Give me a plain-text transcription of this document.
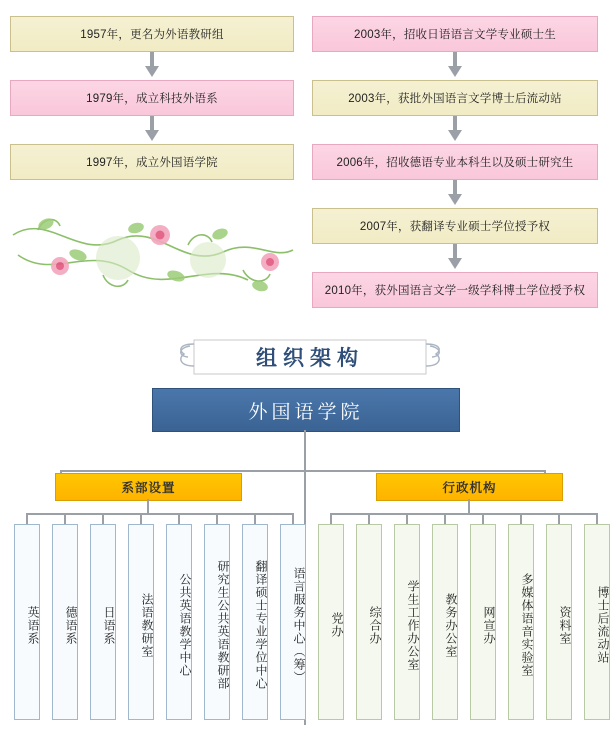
1957年，更名为外语教研组
1979年，成立科技外语系
1997年，成立外国语学院
2003年，招收日语语言文学专业硕士生
2003年，获批外国语言文学博士后流动站
2006年，招收德语专业本科生以及硕士研究生
2007年，获翻译专业硕士学位授予权
2010年，获外国语言文学一级学科博士学位授予权
组织架构
外国语学院
系部设置
英语系	德语系	日语系	法语教研室	公共英语教学中心	研究生公共英语教研部	翻译硕士专业学位中心	语言服务中心（筹）
行政机构
党办	综合办	学生工作办公室	教务办公室	网宣办	多媒体语音实验室	资料室	博士后流动站
